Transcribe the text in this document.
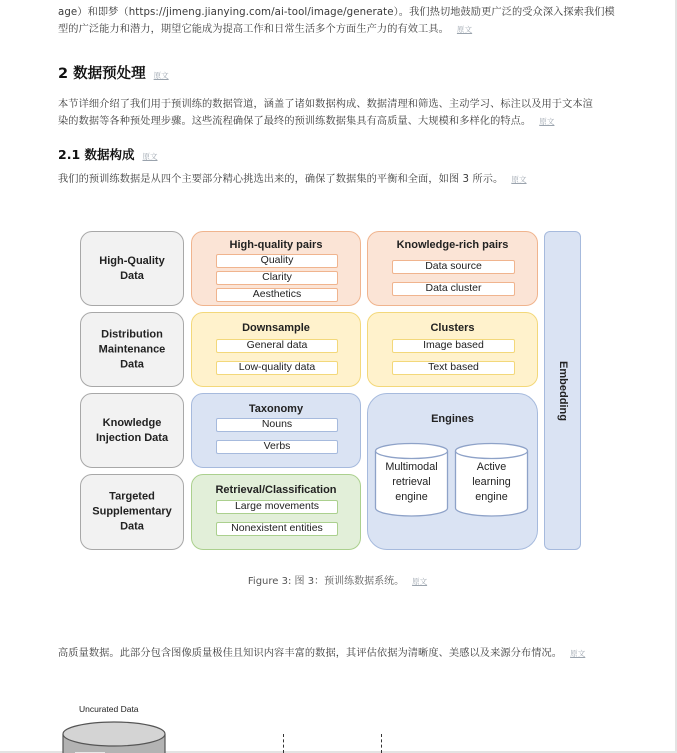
age）和即梦（https://jimeng.jianying.com/ai-tool/image/generate）。我们热切地鼓励更广泛的受众深入探索我们模
型的广泛能力和潜力，期望它能成为提高工作和日常生活多个方面生产力的有效工具。 原文
2 数据预处理 原文
本节详细介绍了我们用于预训练的数据管道，涵盖了诸如数据构成、数据清理和筛选、主动学习、标注以及用于文本渲
染的数据等各种预处理步骤。这些流程确保了最终的预训练数据集具有高质量、大规模和多样化的特点。 原文
2.1 数据构成 原文
我们的预训练数据是从四个主要部分精心挑选出来的，确保了数据集的平衡和全面，如图 3 所示。 原文
High-Quality
Data
High-quality pairs
Quality
Clarity
Aesthetics
Knowledge-rich pairs
Data source
Data cluster
Distribution
Maintenance
Data
Downsample
General data
Low-quality data
Clusters
Image based
Text based
Knowledge
Injection Data
Taxonomy
Nouns
Verbs
Engines
Multimodal
retrieval
engine
Active
learning
engine
Targeted
Supplementary
Data
Retrieval/Classification
Large movements
Nonexistent entities
Embedding
Figure 3: 图 3：预训练数据系统。 原文
高质量数据。此部分包含图像质量极佳且知识内容丰富的数据，其评估依据为清晰度、美感以及来源分布情况。 原文
Uncurated Data
